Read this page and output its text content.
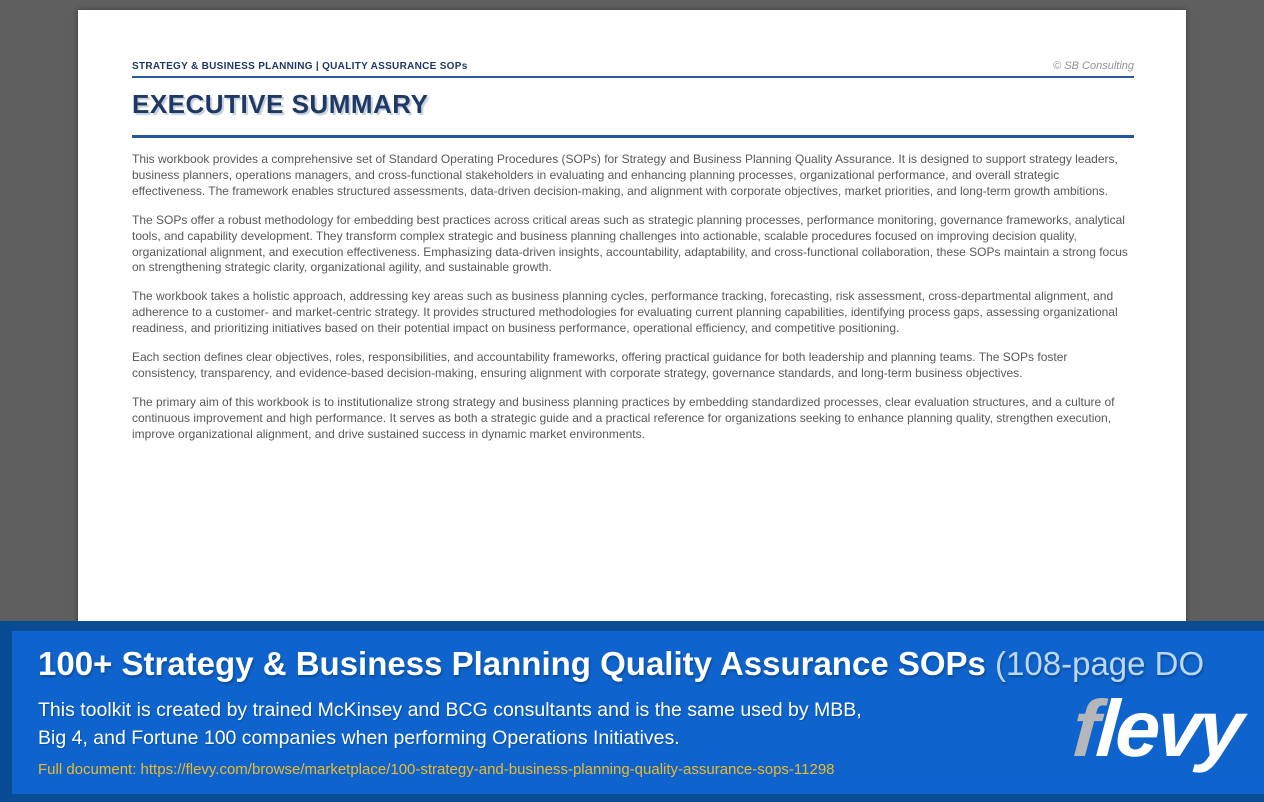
STRATEGY & BUSINESS PLANNING | QUALITY ASSURANCE SOPs	© SB Consulting
EXECUTIVE SUMMARY

This workbook provides a comprehensive set of Standard Operating Procedures (SOPs) for Strategy and Business Planning Quality Assurance. It is designed to support strategy leaders, business planners, operations managers, and cross-functional stakeholders in evaluating and enhancing planning processes, organizational performance, and overall strategic effectiveness. The framework enables structured assessments, data-driven decision-making, and alignment with corporate objectives, market priorities, and long-term growth ambitions.

The SOPs offer a robust methodology for embedding best practices across critical areas such as strategic planning processes, performance monitoring, governance frameworks, analytical tools, and capability development. They transform complex strategic and business planning challenges into actionable, scalable procedures focused on improving decision quality, organizational alignment, and execution effectiveness. Emphasizing data-driven insights, accountability, adaptability, and cross-functional collaboration, these SOPs maintain a strong focus on strengthening strategic clarity, organizational agility, and sustainable growth.

The workbook takes a holistic approach, addressing key areas such as business planning cycles, performance tracking, forecasting, risk assessment, cross-departmental alignment, and adherence to a customer- and market-centric strategy. It provides structured methodologies for evaluating current planning capabilities, identifying process gaps, assessing organizational readiness, and prioritizing initiatives based on their potential impact on business performance, operational efficiency, and competitive positioning.

Each section defines clear objectives, roles, responsibilities, and accountability frameworks, offering practical guidance for both leadership and planning teams. The SOPs foster consistency, transparency, and evidence-based decision-making, ensuring alignment with corporate strategy, governance standards, and long-term business objectives.

The primary aim of this workbook is to institutionalize strong strategy and business planning practices by embedding standardized processes, clear evaluation structures, and a culture of continuous improvement and high performance. It serves as both a strategic guide and a practical reference for organizations seeking to enhance planning quality, strengthen execution, improve organizational alignment, and drive sustained success in dynamic market environments.

100+ Strategy & Business Planning Quality Assurance SOPs (108-page DO
This toolkit is created by trained McKinsey and BCG consultants and is the same used by MBB,
Big 4, and Fortune 100 companies when performing Operations Initiatives.
Full document: https://flevy.com/browse/marketplace/100-strategy-and-business-planning-quality-assurance-sops-11298	flevy
